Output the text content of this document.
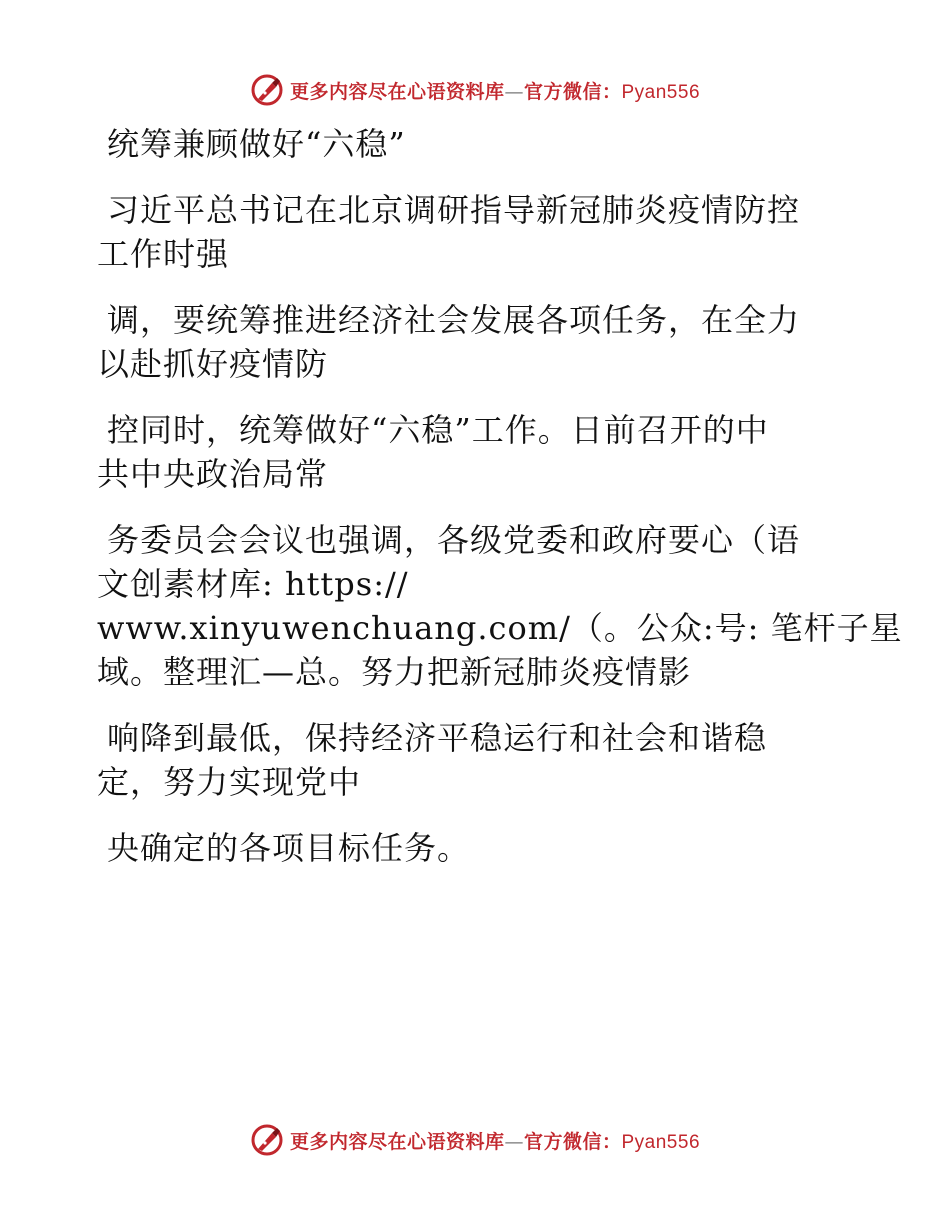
更多内容尽在心语资料库—官方微信：Pyan556
统筹兼顾做好“六稳”
习近平总书记在北京调研指导新冠肺炎疫情防控
工作时强
调，要统筹推进经济社会发展各项任务，在全力
以赴抓好疫情防
控同时，统筹做好“六稳”工作。日前召开的中
共中央政治局常
务委员会会议也强调，各级党委和政府要心（语
文创素材库: https://
www.xinyuwenchuang.com/（。公众:号: 笔杆子星
域。整理汇—总。努力把新冠肺炎疫情影
响降到最低，保持经济平稳运行和社会和谐稳
定，努力实现党中
央确定的各项目标任务。
更多内容尽在心语资料库—官方微信：Pyan556
